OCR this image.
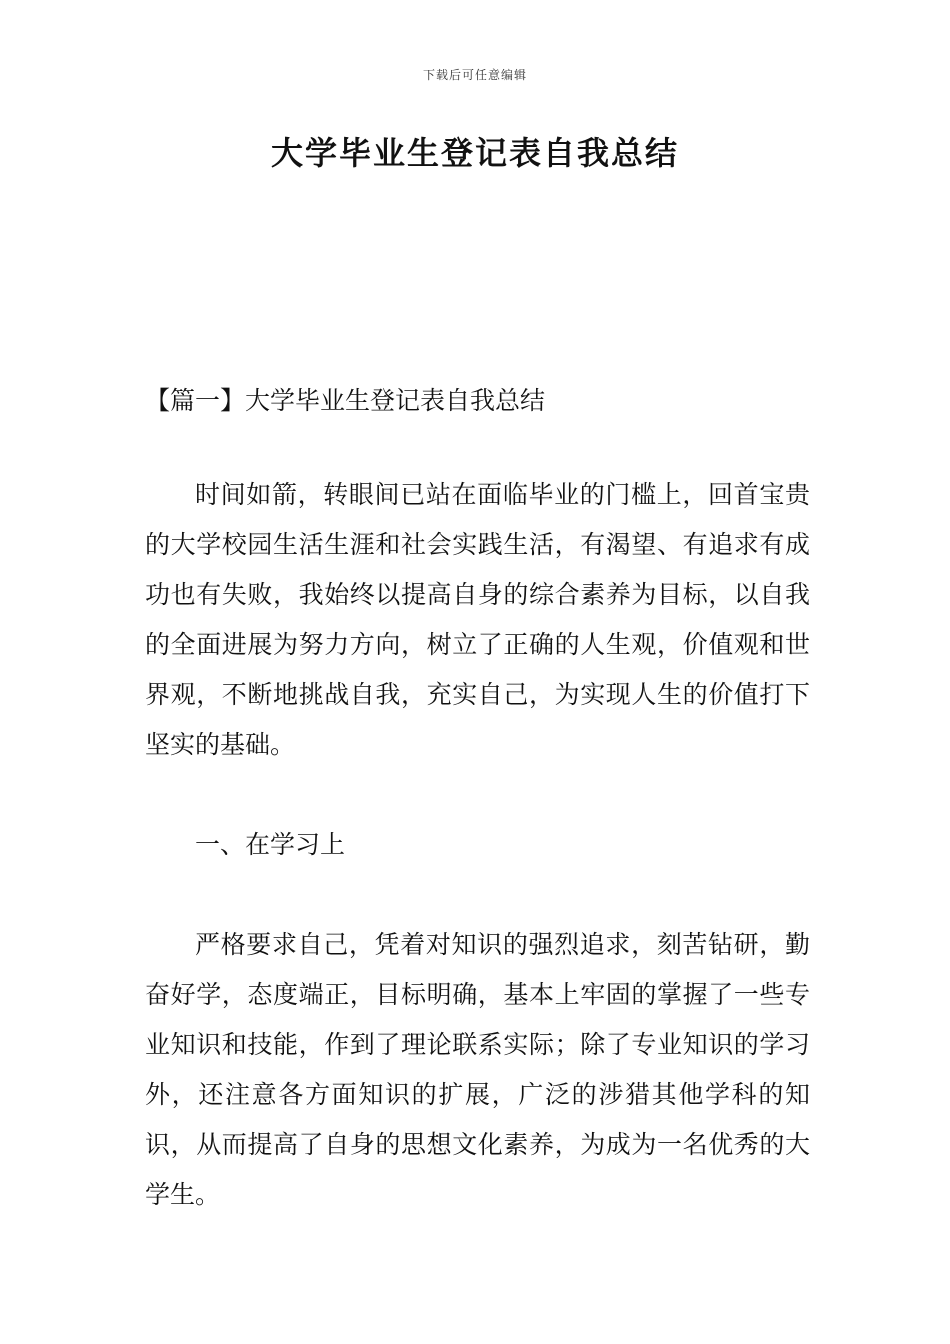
下载后可任意编辑
大学毕业生登记表自我总结

【篇一】大学毕业生登记表自我总结

时间如箭，转眼间已站在面临毕业的门槛上，回首宝贵的大学校园生活生涯和社会实践生活，有渴望、有追求有成功也有失败，我始终以提高自身的综合素养为目标，以自我的全面进展为努力方向，树立了正确的人生观，价值观和世界观，不断地挑战自我，充实自己，为实现人生的价值打下坚实的基础。

一、在学习上

严格要求自己，凭着对知识的强烈追求，刻苦钻研，勤奋好学，态度端正，目标明确，基本上牢固的掌握了一些专业知识和技能，作到了理论联系实际；除了专业知识的学习外，还注意各方面知识的扩展，广泛的涉猎其他学科的知识，从而提高了自身的思想文化素养，为成为一名优秀的大学生。
